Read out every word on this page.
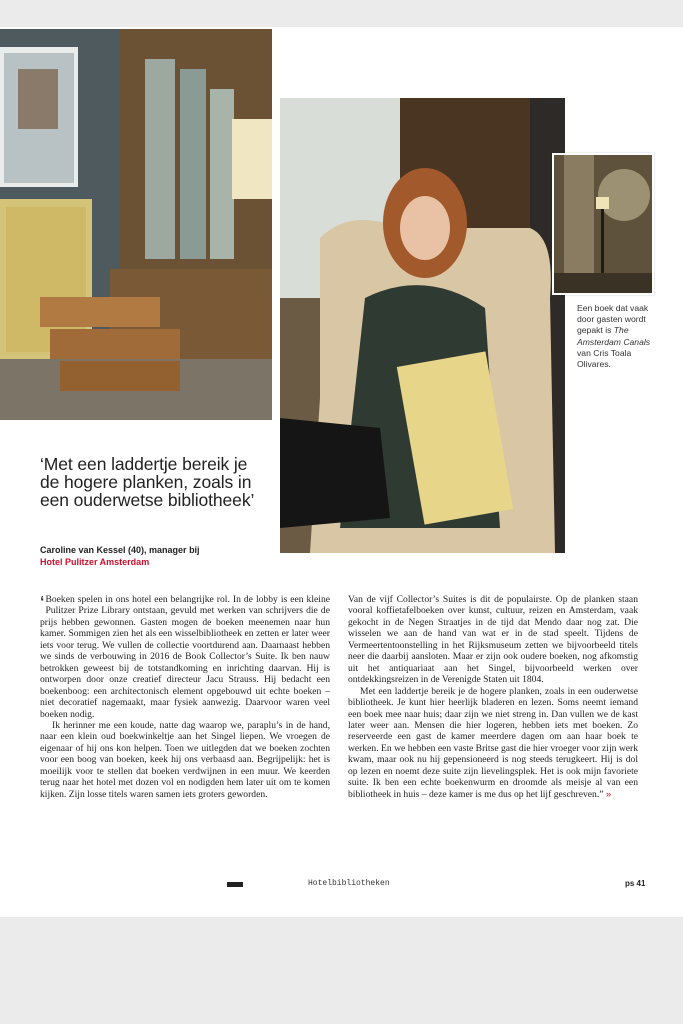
Een boek dat vaak door gasten wordt gepakt is The Amsterdam Canals van Cris Toala Olivares.
‘Met een laddertje bereik je de hogere planken, zoals in een ouderwetse bibliotheek’
Caroline van Kessel (40), manager bij
Hotel Pulitzer Amsterdam

‘ Boeken spelen in ons hotel een belangrijke rol. In de lobby is een kleine Pulitzer Prize Library ontstaan, gevuld met werken van schrijvers die de prijs hebben gewonnen. Gasten mogen de boeken meenemen naar hun kamer. Sommigen zien het als een wisselbibliotheek en zetten er later weer iets voor terug. We vullen de collectie voortdurend aan. Daarnaast hebben we sinds de verbouwing in 2016 de Book Collector’s Suite. Ik ben nauw betrokken geweest bij de totstandkoming en inrichting daarvan. Hij is ontworpen door onze creatief directeur Jacu Strauss. Hij bedacht een boekenboog: een architectonisch element opgebouwd uit echte boeken – niet decoratief nagemaakt, maar fysiek aanwezig. Daarvoor waren veel boeken nodig.

Ik herinner me een koude, natte dag waarop we, paraplu’s in de hand, naar een klein oud boekwinkeltje aan het Singel liepen. We vroegen de eigenaar of hij ons kon helpen. Toen we uitlegden dat we boeken zochten voor een boog van boeken, keek hij ons verbaasd aan. Begrijpelijk: het is moeilijk voor te stellen dat boeken verdwijnen in een muur. We keerden terug naar het hotel met dozen vol en nodigden hem later uit om te komen kijken. Zijn losse titels waren samen iets groters geworden.

Van de vijf Collector’s Suites is dit de populairste. Op de planken staan vooral koffietafelboeken over kunst, cultuur, reizen en Amsterdam, vaak gekocht in de Negen Straatjes in de tijd dat Mendo daar nog zat. Die wisselen we aan de hand van wat er in de stad speelt. Tijdens de Vermeertentoonstelling in het Rijksmuseum zetten we bijvoorbeeld titels neer die daarbij aansloten. Maar er zijn ook oudere boeken, nog afkomstig uit het antiquariaat aan het Singel, bijvoorbeeld werken over ontdekkingsreizen in de Verenigde Staten uit 1804.

Met een laddertje bereik je de hogere planken, zoals in een ouderwetse bibliotheek. Je kunt hier heerlijk bladeren en lezen. Soms neemt iemand een boek mee naar huis; daar zijn we niet streng in. Dan vullen we de kast later weer aan. Mensen die hier logeren, hebben iets met boeken. Zo reserveerde een gast de kamer meerdere dagen om aan haar boek te werken. En we hebben een vaste Britse gast die hier vroeger voor zijn werk kwam, maar ook nu hij gepensioneerd is nog steeds terugkeert. Hij is dol op lezen en noemt deze suite zijn lievelingsplek. Het is ook mijn favoriete suite. Ik ben een echte boekenwurm en droomde als meisje al van een bibliotheek in huis – deze kamer is me dus op het lijf geschreven.” »

Hotelbibliotheken	ps 41
